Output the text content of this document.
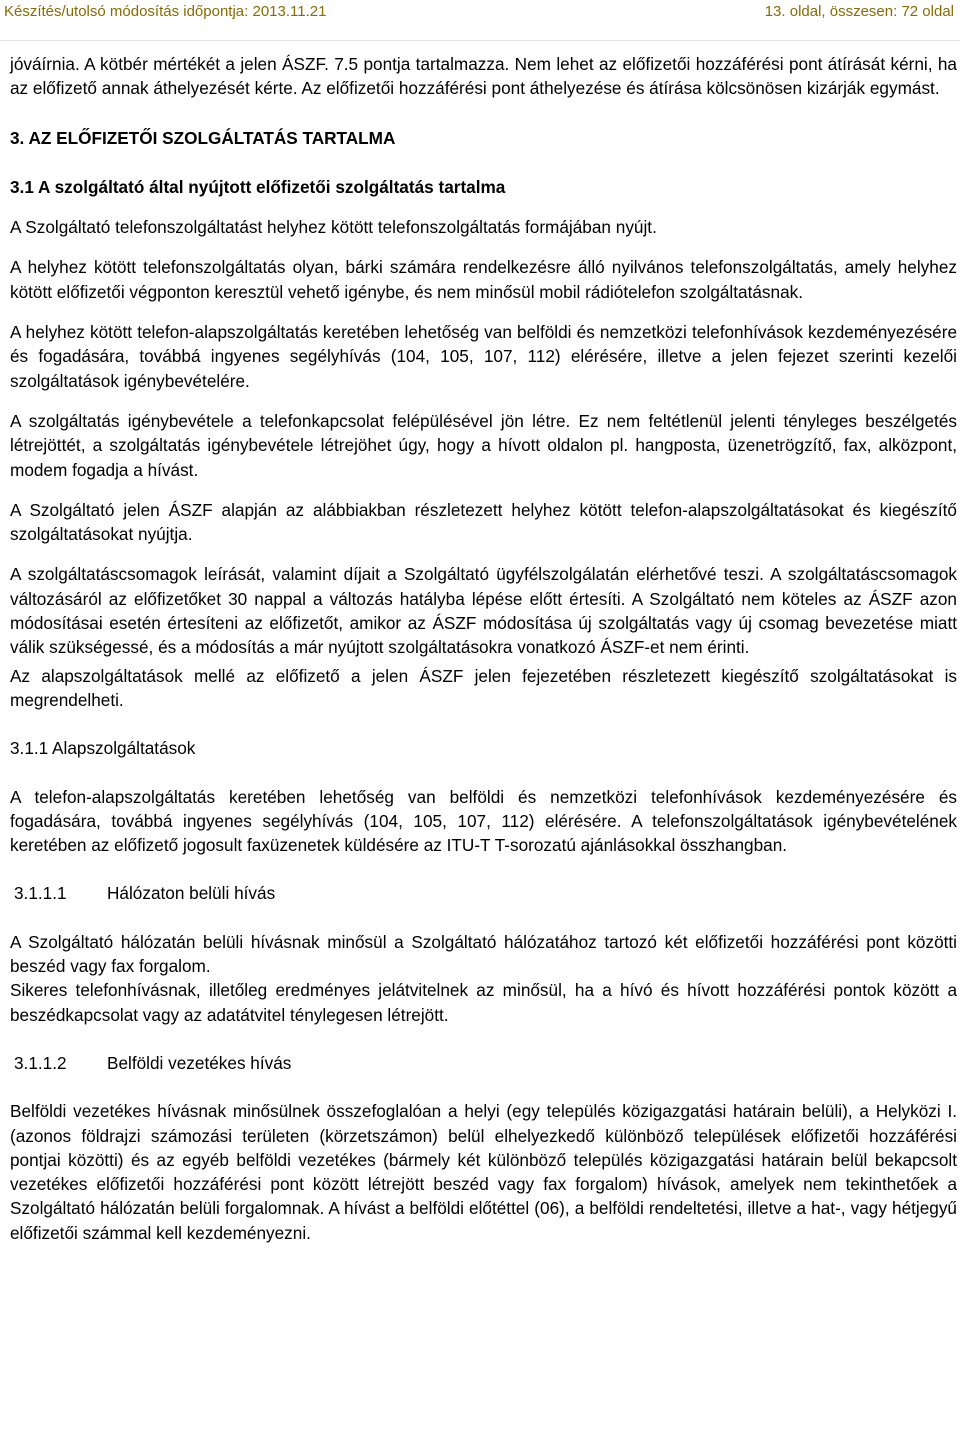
Készítés/utolsó módosítás időpontja: 2013.11.21	13. oldal, összesen: 72 oldal

jóváírnia. A kötbér mértékét a jelen ÁSZF. 7.5 pontja tartalmazza. Nem lehet az előfizetői hozzáférési pont átírását kérni, ha az előfizető annak áthelyezését kérte. Az előfizetői hozzáférési pont áthelyezése és átírása kölcsönösen kizárják egymást.

3. AZ ELŐFIZETŐI SZOLGÁLTATÁS TARTALMA

3.1 A szolgáltató által nyújtott előfizetői szolgáltatás tartalma

A Szolgáltató telefonszolgáltatást helyhez kötött telefonszolgáltatás formájában nyújt.

A helyhez kötött telefonszolgáltatás olyan, bárki számára rendelkezésre álló nyilvános telefonszolgáltatás, amely helyhez kötött előfizetői végponton keresztül vehető igénybe, és nem minősül mobil rádiótelefon szolgáltatásnak.

A helyhez kötött telefon-alapszolgáltatás keretében lehetőség van belföldi és nemzetközi telefonhívások kezdeményezésére és fogadására, továbbá ingyenes segélyhívás (104, 105, 107, 112) elérésére, illetve a jelen fejezet szerinti kezelői szolgáltatások igénybevételére.

A szolgáltatás igénybevétele a telefonkapcsolat felépülésével jön létre. Ez nem feltétlenül jelenti tényleges beszélgetés létrejöttét, a szolgáltatás igénybevétele létrejöhet úgy, hogy a hívott oldalon pl. hangposta, üzenetrögzítő, fax, alközpont, modem fogadja a hívást.

A Szolgáltató jelen ÁSZF alapján az alábbiakban részletezett helyhez kötött telefon-alapszolgáltatásokat és kiegészítő szolgáltatásokat nyújtja.

A szolgáltatáscsomagok leírását, valamint díjait a Szolgáltató ügyfélszolgálatán elérhetővé teszi. A szolgáltatáscsomagok változásáról az előfizetőket 30 nappal a változás hatályba lépése előtt értesíti. A Szolgáltató nem köteles az ÁSZF azon módosításai esetén értesíteni az előfizetőt, amikor az ÁSZF módosítása új szolgáltatás vagy új csomag bevezetése miatt válik szükségessé, és a módosítás a már nyújtott szolgáltatásokra vonatkozó ÁSZF-et nem érinti.

Az alapszolgáltatások mellé az előfizető a jelen ÁSZF jelen fejezetében részletezett kiegészítő szolgáltatásokat is megrendelheti.

3.1.1 Alapszolgáltatások

A telefon-alapszolgáltatás keretében lehetőség van belföldi és nemzetközi telefonhívások kezdeményezésére és fogadására, továbbá ingyenes segélyhívás (104, 105, 107, 112) elérésére. A telefonszolgáltatások igénybevételének keretében az előfizető jogosult faxüzenetek küldésére az ITU-T T-sorozatú ajánlásokkal összhangban.

3.1.1.1 Hálózaton belüli hívás

A Szolgáltató hálózatán belüli hívásnak minősül a Szolgáltató hálózatához tartozó két előfizetői hozzáférési pont közötti beszéd vagy fax forgalom.

Sikeres telefonhívásnak, illetőleg eredményes jelátvitelnek az minősül, ha a hívó és hívott hozzáférési pontok között a beszédkapcsolat vagy az adatátvitel ténylegesen létrejött.

3.1.1.2 Belföldi vezetékes hívás

Belföldi vezetékes hívásnak minősülnek összefoglalóan a helyi (egy település közigazgatási határain belüli), a Helyközi I. (azonos földrajzi számozási területen (körzetszámon) belül elhelyezkedő különböző települések előfizetői hozzáférési pontjai közötti) és az egyéb belföldi vezetékes (bármely két különböző település közigazgatási határain belül bekapcsolt vezetékes előfizetői hozzáférési pont között létrejött beszéd vagy fax forgalom) hívások, amelyek nem tekinthetőek a Szolgáltató hálózatán belüli forgalomnak. A hívást a belföldi előtéttel (06), a belföldi rendeltetési, illetve a hat-, vagy hétjegyű előfizetői számmal kell kezdeményezni.
